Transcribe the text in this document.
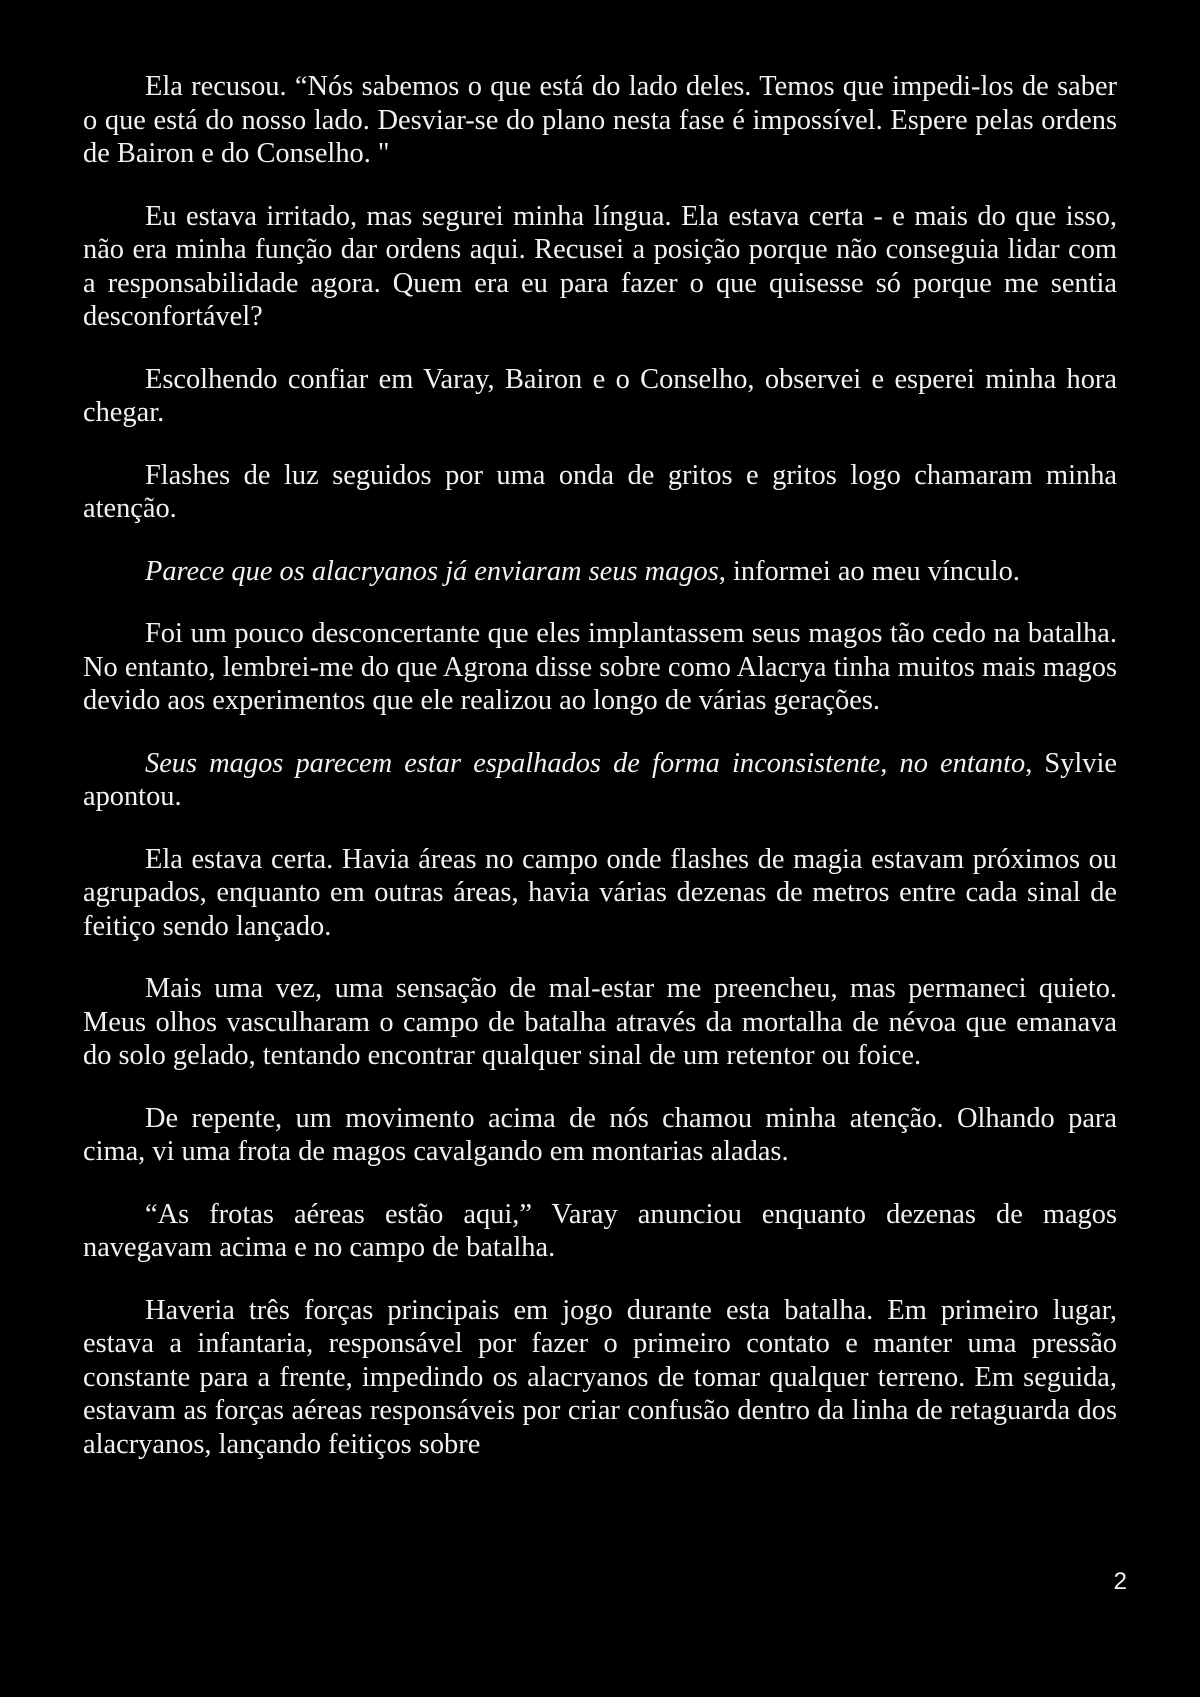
Ela recusou. “Nós sabemos o que está do lado deles. Temos que impedi-los de saber o que está do nosso lado. Desviar-se do plano nesta fase é impossível. Espere pelas ordens de Bairon e do Conselho. "

Eu estava irritado, mas segurei minha língua. Ela estava certa - e mais do que isso, não era minha função dar ordens aqui. Recusei a posição porque não conseguia lidar com a responsabilidade agora. Quem era eu para fazer o que quisesse só porque me sentia desconfortável?

Escolhendo confiar em Varay, Bairon e o Conselho, observei e esperei minha hora chegar.

Flashes de luz seguidos por uma onda de gritos e gritos logo chamaram minha atenção.

Parece que os alacryanos já enviaram seus magos, informei ao meu vínculo.

Foi um pouco desconcertante que eles implantassem seus magos tão cedo na batalha. No entanto, lembrei-me do que Agrona disse sobre como Alacrya tinha muitos mais magos devido aos experimentos que ele realizou ao longo de várias gerações.

Seus magos parecem estar espalhados de forma inconsistente, no entanto, Sylvie apontou.

Ela estava certa. Havia áreas no campo onde flashes de magia estavam próximos ou agrupados, enquanto em outras áreas, havia várias dezenas de metros entre cada sinal de feitiço sendo lançado.

Mais uma vez, uma sensação de mal-estar me preencheu, mas permaneci quieto. Meus olhos vasculharam o campo de batalha através da mortalha de névoa que emanava do solo gelado, tentando encontrar qualquer sinal de um retentor ou foice.

De repente, um movimento acima de nós chamou minha atenção. Olhando para cima, vi uma frota de magos cavalgando em montarias aladas.

“As frotas aéreas estão aqui,” Varay anunciou enquanto dezenas de magos navegavam acima e no campo de batalha.

Haveria três forças principais em jogo durante esta batalha. Em primeiro lugar, estava a infantaria, responsável por fazer o primeiro contato e manter uma pressão constante para a frente, impedindo os alacryanos de tomar qualquer terreno. Em seguida, estavam as forças aéreas responsáveis por criar confusão dentro da linha de retaguarda dos alacryanos, lançando feitiços sobre

2
